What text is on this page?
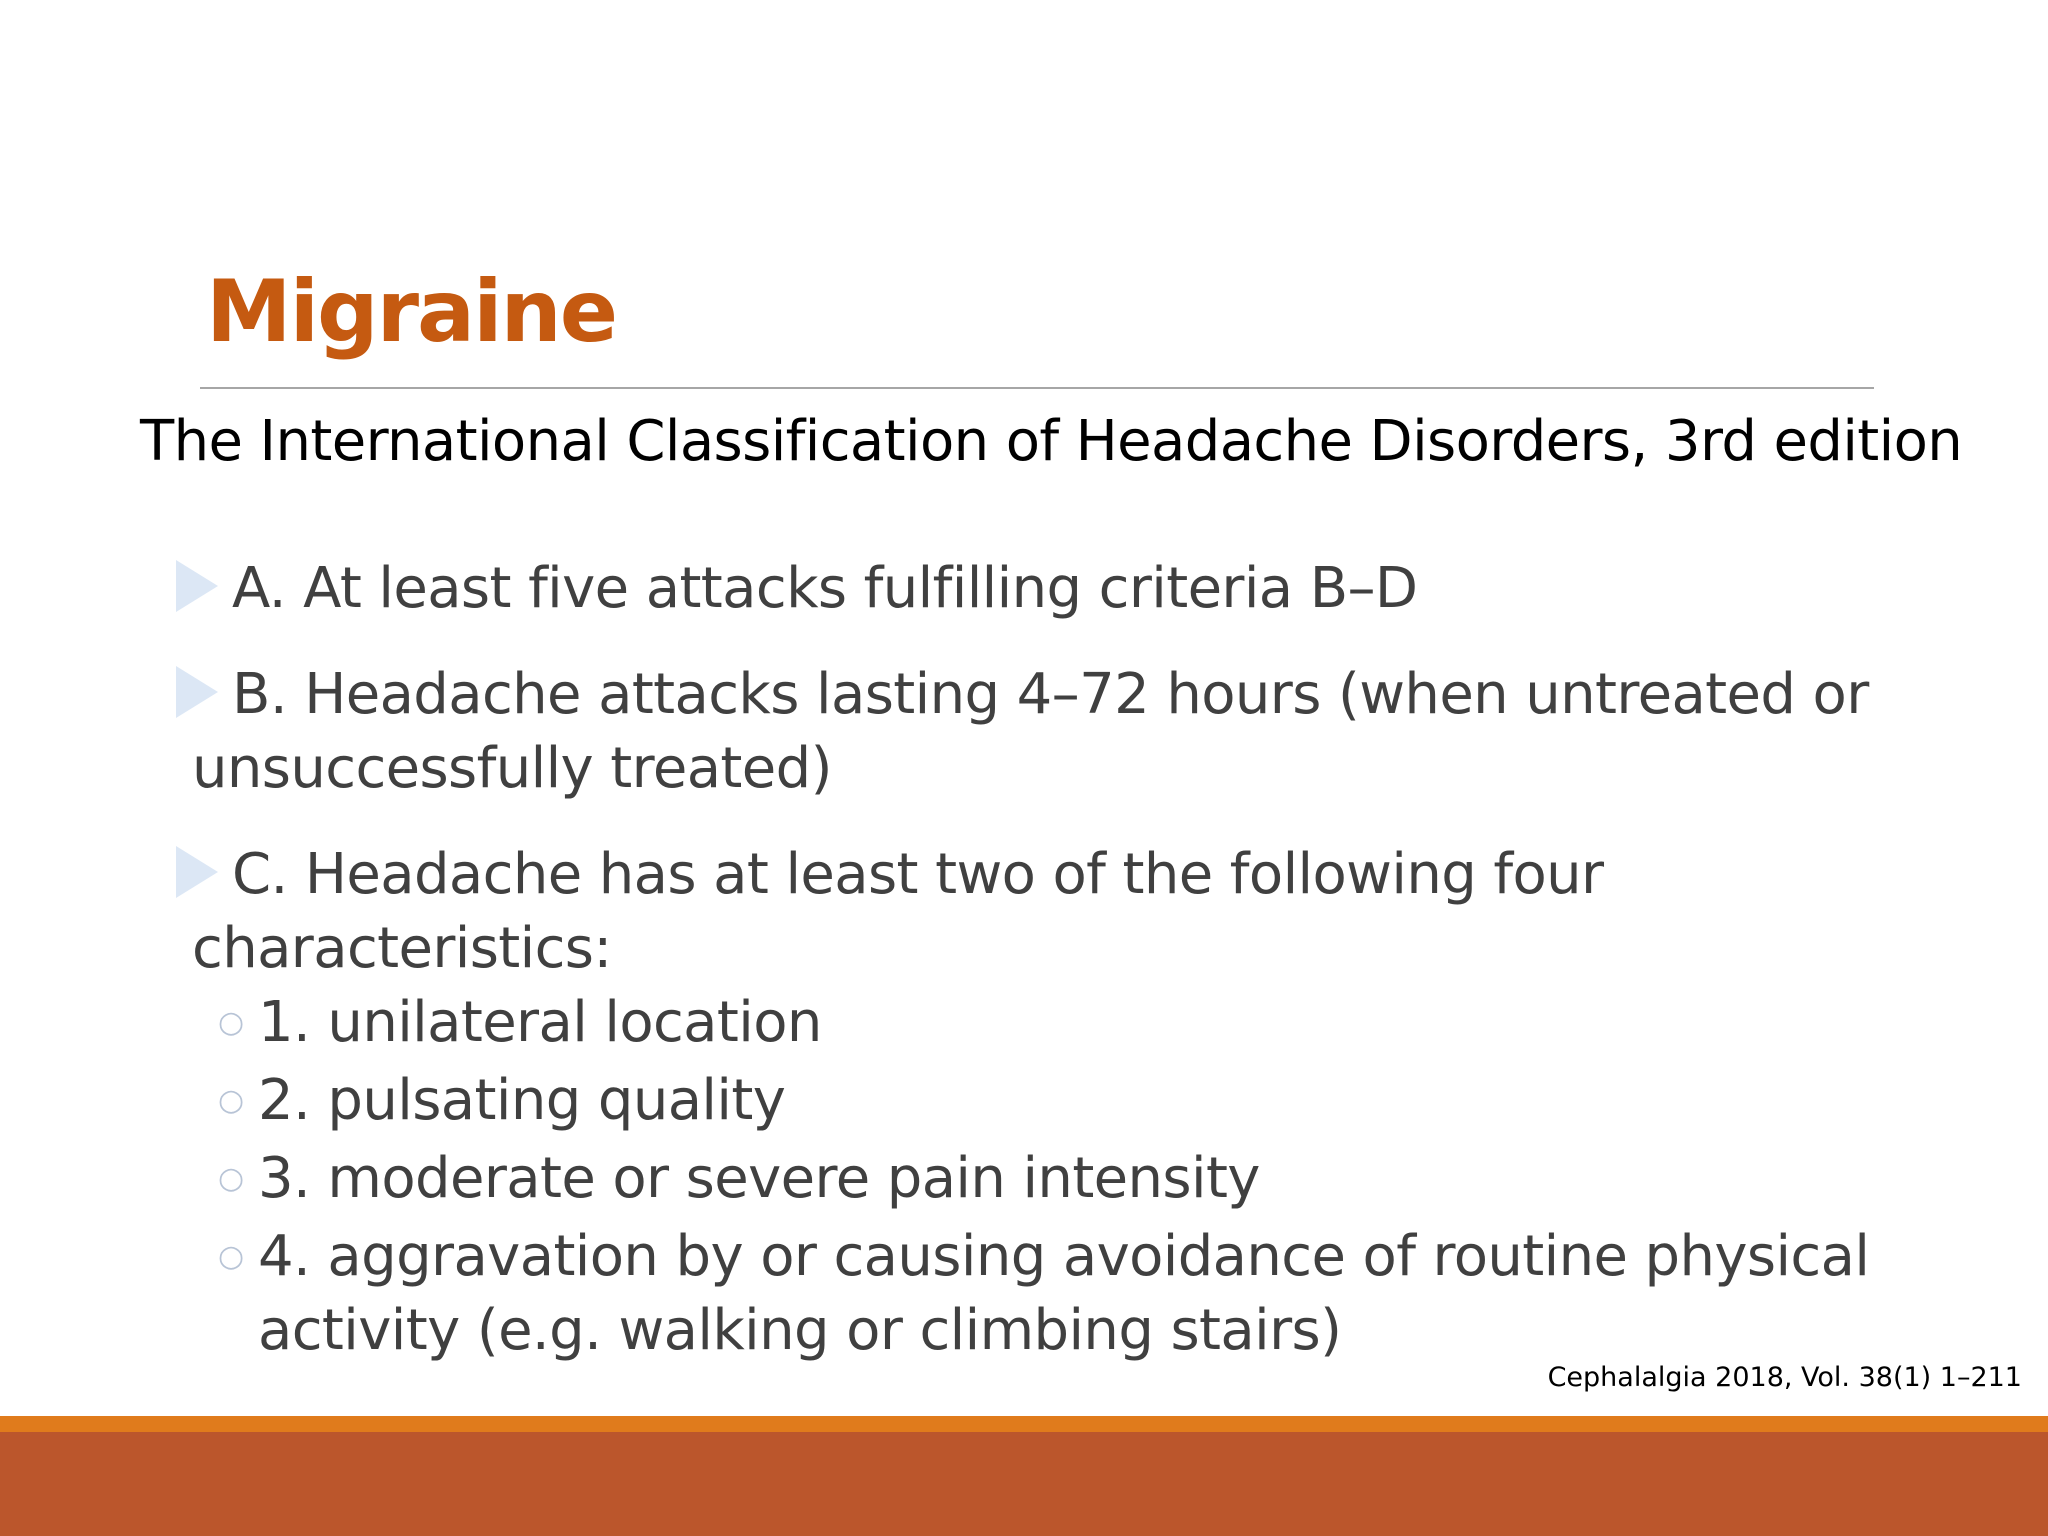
Migraine
The International Classification of Headache Disorders, 3rd edition
A. At least five attacks fulfilling criteria B–D
B. Headache attacks lasting 4–72 hours (when untreated or unsuccessfully treated)
C. Headache has at least two of the following four characteristics:
○ 1. unilateral location
○ 2. pulsating quality
○ 3. moderate or severe pain intensity
○ 4. aggravation by or causing avoidance of routine physical activity (e.g. walking or climbing stairs)
Cephalalgia 2018, Vol. 38(1) 1–211
